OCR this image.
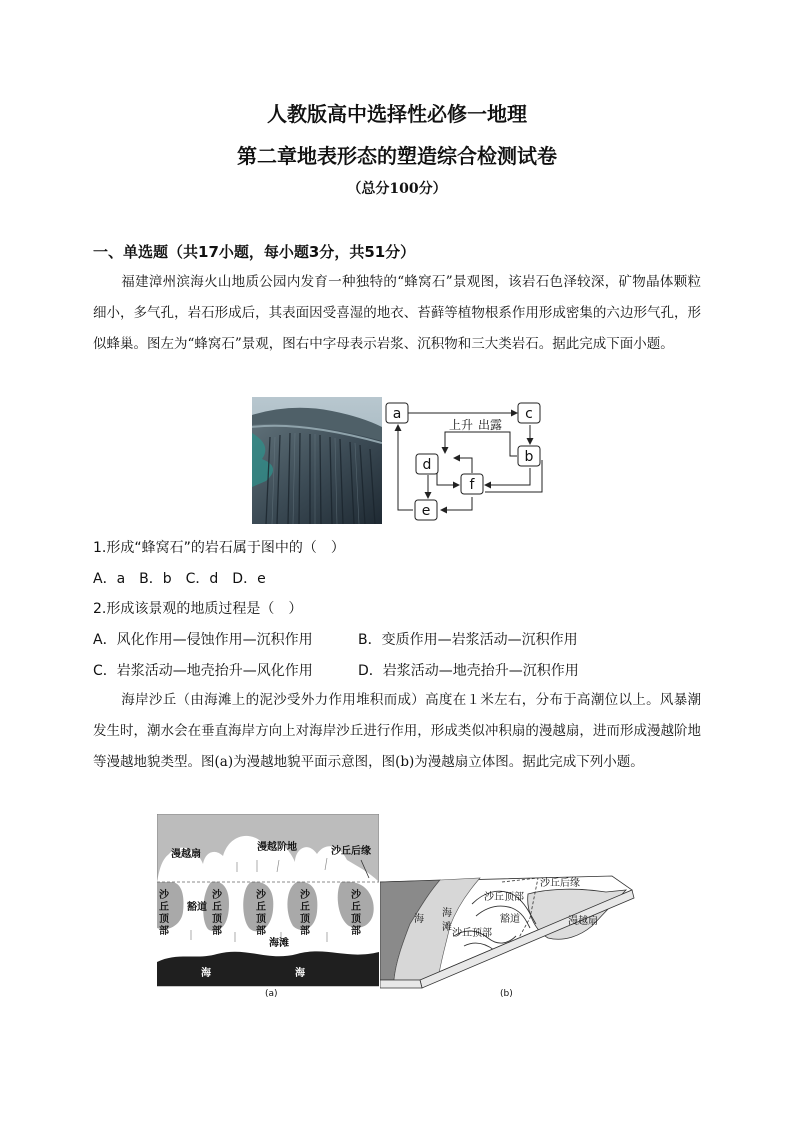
人教版高中选择性必修一地理
第二章地表形态的塑造综合检测试卷
（总分100分）
一、单选题（共17小题，每小题3分，共51分）
福建漳州滨海火山地质公园内发育一种独特的“蜂窝石”景观图，该岩石色泽较深，矿物晶体颗粒细小，多气孔，岩石形成后，其表面因受喜湿的地衣、苔藓等植物根系作用形成密集的六边形气孔，形似蜂巢。图左为“蜂窝石”景观，图右中字母表示岩浆、沉积物和三大类岩石。据此完成下面小题。
a	c
b
d
f
e
上升 出露
1.形成“蜂窝石”的岩石属于图中的（　）
A．a　B．b　C．d　D．e
2.形成该景观的地质过程是（　）
A．风化作用—侵蚀作用—沉积作用	B．变质作用—岩浆活动—沉积作用
C．岩浆活动—地壳抬升—风化作用	D．岩浆活动—地壳抬升—沉积作用
海岸沙丘（由海滩上的泥沙受外力作用堆积而成）高度在１米左右，分布于高潮位以上。风暴潮发生时，潮水会在垂直海岸方向上对海岸沙丘进行作用，形成类似冲积扇的漫越扇，进而形成漫越阶地等漫越地貌类型。图(a)为漫越地貌平面示意图，图(b)为漫越扇立体图。据此完成下列小题。
漫越扇
漫越阶地	沙丘后缘
豁道
海滩
沙
丘
顶
部
沙
丘
顶
部
沙
丘
顶
部
沙
丘
顶
部
沙
丘
顶
部
海	海
(a)
海
海
滩
沙丘顶部
沙丘后缘
豁道
沙丘顶部
漫越扇
(b)
